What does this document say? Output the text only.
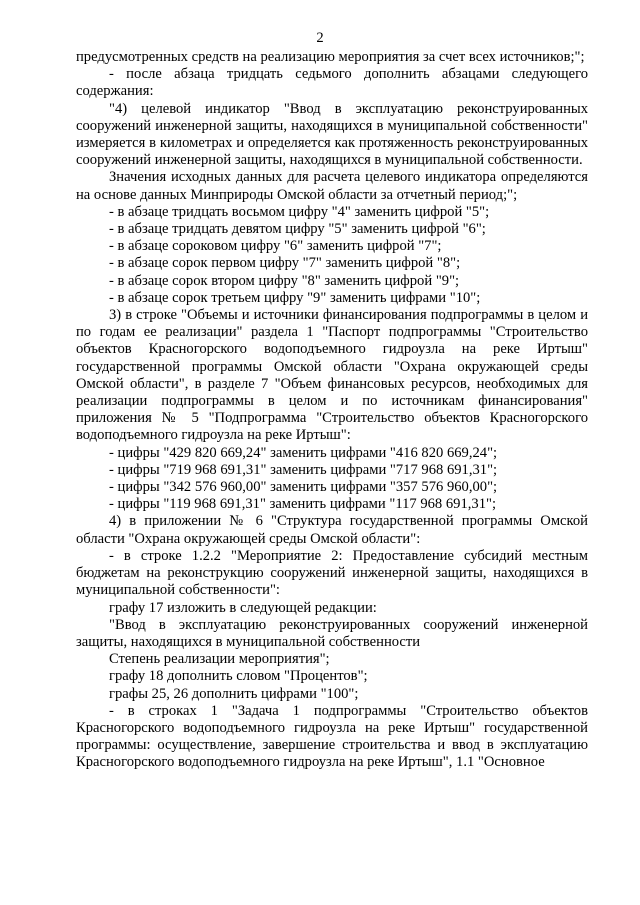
2

предусмотренных средств на реализацию мероприятия за счет всех источников;";

- после абзаца тридцать седьмого дополнить абзацами следующего содержания:

"4) целевой индикатор "Ввод в эксплуатацию реконструированных сооружений инженерной защиты, находящихся в муниципальной собственности" измеряется в километрах и определяется как протяженность реконструированных сооружений инженерной защиты, находящихся в муниципальной собственности.

Значения исходных данных для расчета целевого индикатора определяются на основе данных Минприроды Омской области за отчетный период;";

- в абзаце тридцать восьмом цифру "4" заменить цифрой "5";

- в абзаце тридцать девятом цифру "5" заменить цифрой "6";

- в абзаце сороковом цифру "6" заменить цифрой "7";

- в абзаце сорок первом цифру "7" заменить цифрой "8";

- в абзаце сорок втором цифру "8" заменить цифрой "9";

- в абзаце сорок третьем цифру "9" заменить цифрами "10";

3) в строке "Объемы и источники финансирования подпрограммы в целом и по годам ее реализации" раздела 1 "Паспорт подпрограммы "Строительство объектов Красногорского водоподъемного гидроузла на реке Иртыш" государственной программы Омской области "Охрана окружающей среды Омской области", в разделе 7 "Объем финансовых ресурсов, необходимых для реализации подпрограммы в целом и по источникам финансирования" приложения № 5 "Подпрограмма "Строительство объектов Красногорского водоподъемного гидроузла на реке Иртыш":

- цифры "429 820 669,24" заменить цифрами "416 820 669,24";

- цифры "719 968 691,31" заменить цифрами "717 968 691,31";

- цифры "342 576 960,00" заменить цифрами "357 576 960,00";

- цифры "119 968 691,31" заменить цифрами "117 968 691,31";

4) в приложении № 6 "Структура государственной программы Омской области "Охрана окружающей среды Омской области":

- в строке 1.2.2 "Мероприятие 2: Предоставление субсидий местным бюджетам на реконструкцию сооружений инженерной защиты, находящихся в муниципальной собственности":

графу 17 изложить в следующей редакции:

"Ввод в эксплуатацию реконструированных сооружений инженерной защиты, находящихся в муниципальной собственности

Степень реализации мероприятия";

графу 18 дополнить словом "Процентов";

графы 25, 26 дополнить цифрами "100";

- в строках 1 "Задача 1 подпрограммы "Строительство объектов Красногорского водоподъемного гидроузла на реке Иртыш" государственной программы: осуществление, завершение строительства и ввод в эксплуатацию Красногорского водоподъемного гидроузла на реке Иртыш", 1.1 "Основное
